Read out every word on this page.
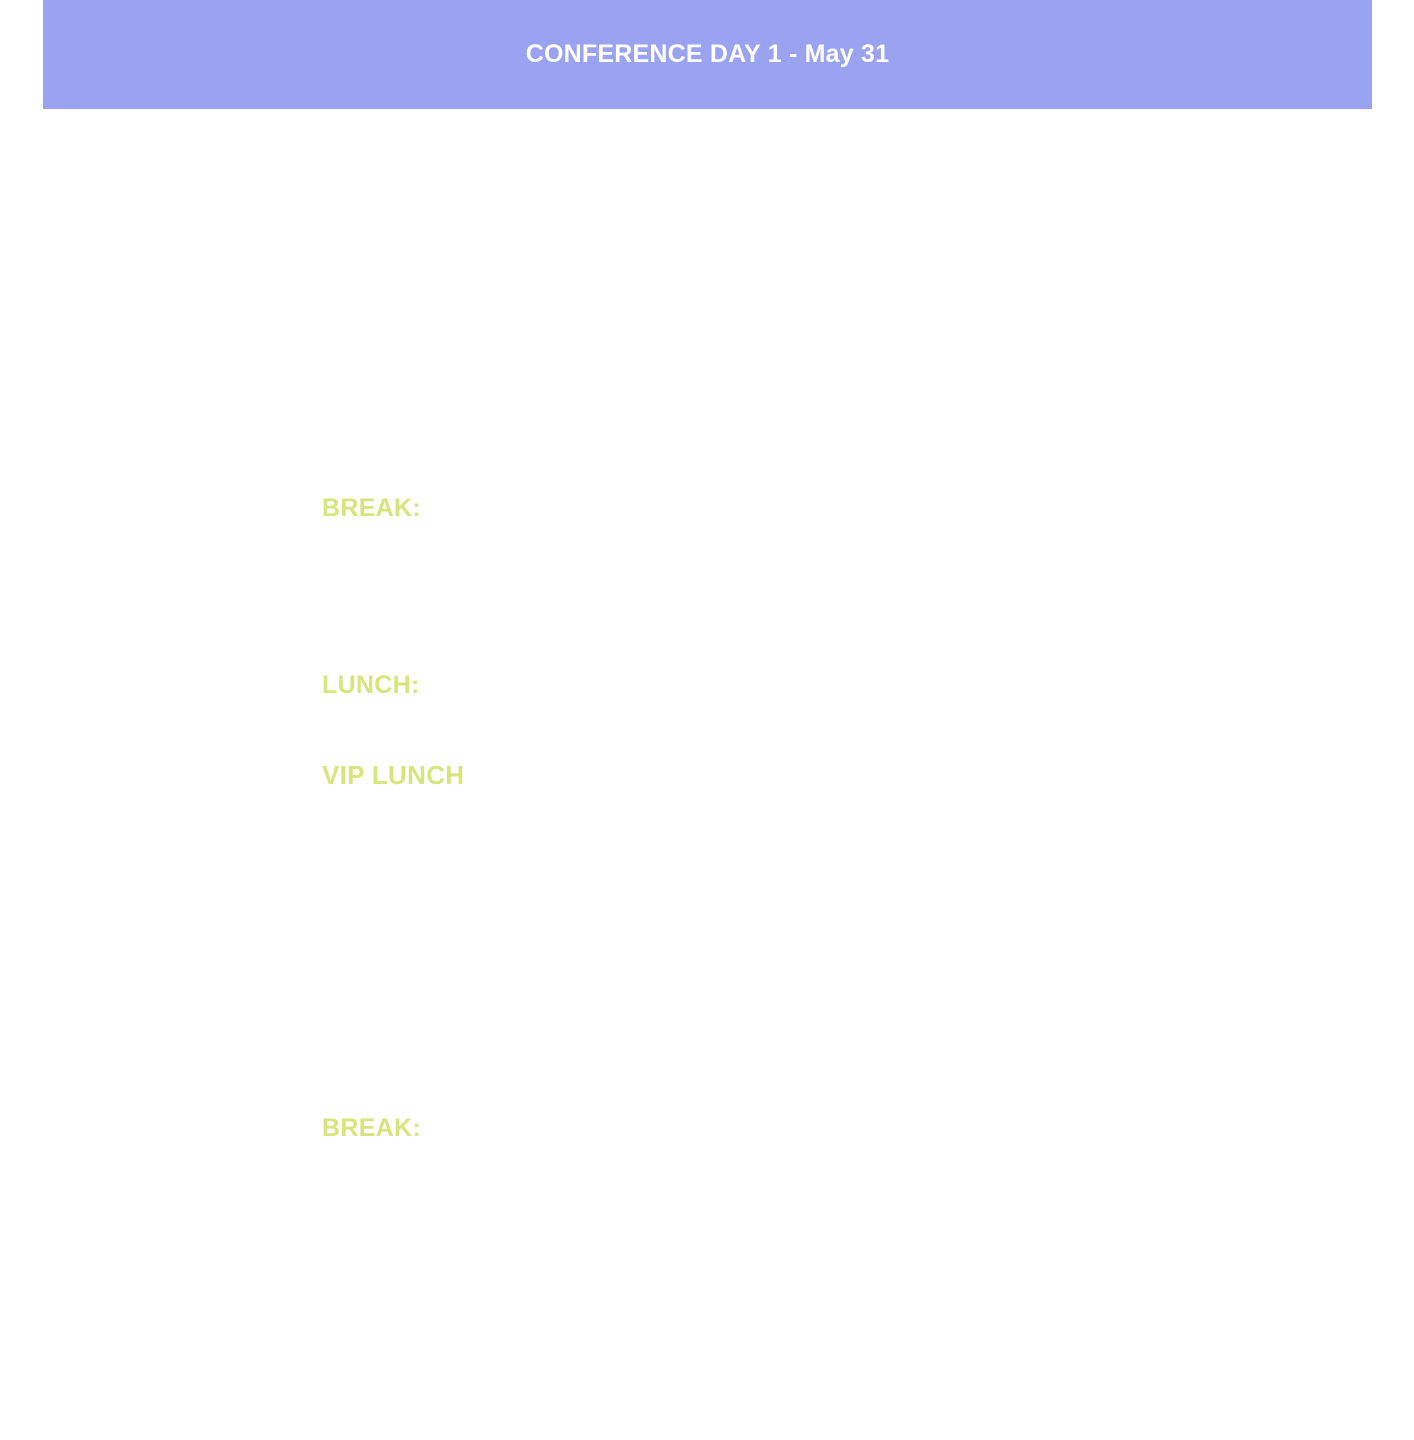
CONFERENCE DAY 1 - May 31
BREAK:
LUNCH:
VIP LUNCH
BREAK:
